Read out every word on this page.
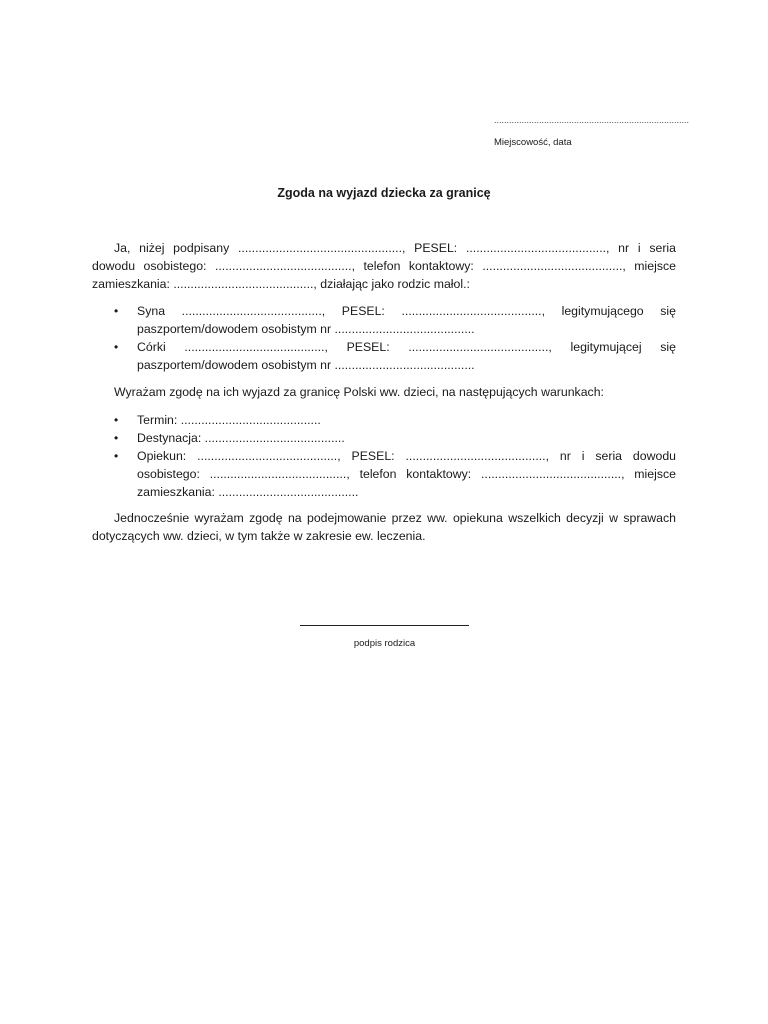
..............................................................................
Miejscowość, data
Zgoda na wyjazd dziecka za granicę

Ja, niżej podpisany ................................................, PESEL: ........................................., nr i seria dowodu osobistego: ........................................, telefon kontaktowy: ........................................., miejsce zamieszkania: ........................................., działając jako rodzic małol.:

• Syna ........................................., PESEL: ........................................., legitymującego się paszportem/dowodem osobistym nr .........................................
• Córki ........................................., PESEL: ........................................., legitymującej się paszportem/dowodem osobistym nr .........................................

Wyrażam zgodę na ich wyjazd za granicę Polski ww. dzieci, na następujących warunkach:

• Termin: .........................................
• Destynacja: .........................................
• Opiekun: ........................................., PESEL: ........................................., nr i seria dowodu osobistego: ........................................, telefon kontaktowy: ........................................., miejsce zamieszkania: .........................................

Jednocześnie wyrażam zgodę na podejmowanie przez ww. opiekuna wszelkich decyzji w sprawach dotyczących ww. dzieci, w tym także w zakresie ew. leczenia.

podpis rodzica
